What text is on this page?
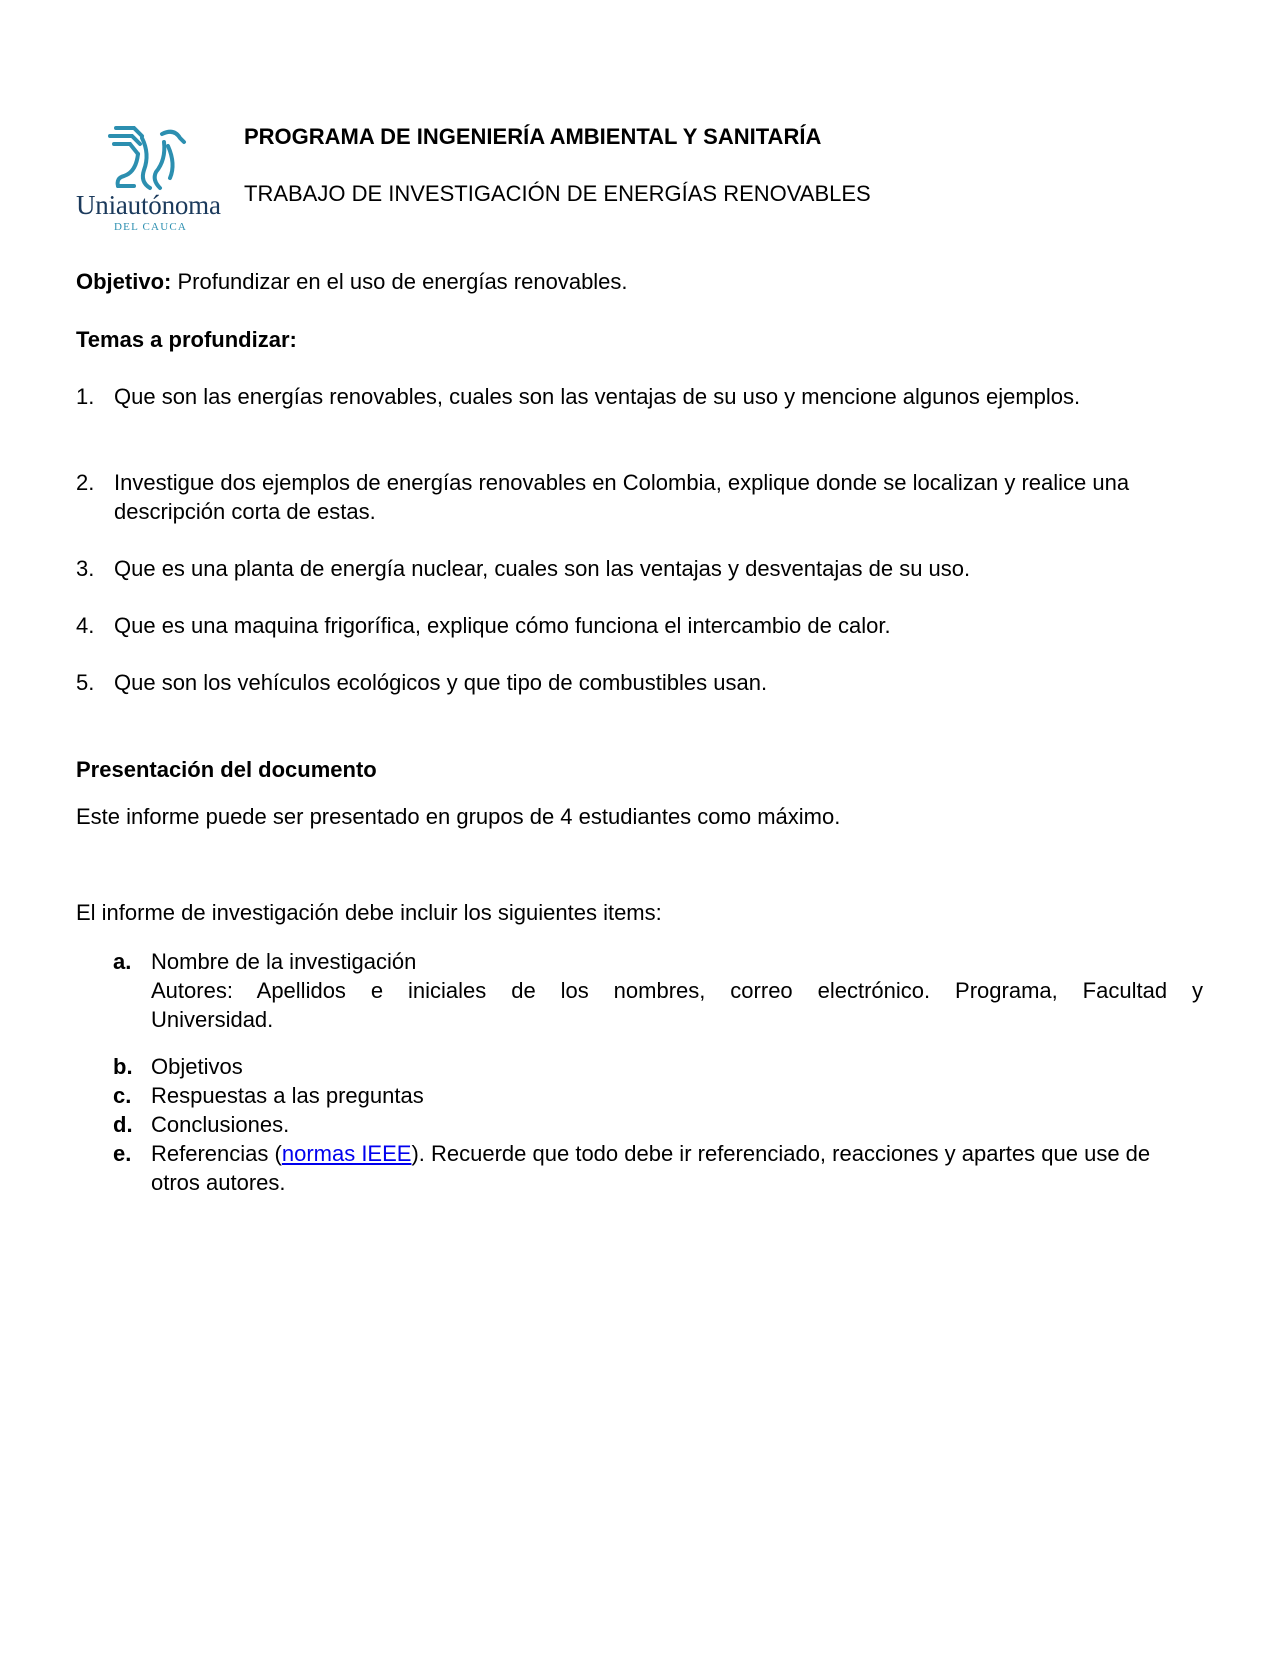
Uniautónoma
DEL CAUCA
PROGRAMA DE INGENIERÍA AMBIENTAL Y SANITARÍA
TRABAJO DE INVESTIGACIÓN DE ENERGÍAS RENOVABLES
Objetivo: Profundizar en el uso de energías renovables.
Temas a profundizar:
1. Que son las energías renovables, cuales son las ventajas de su uso y mencione algunos ejemplos.
2. Investigue dos ejemplos de energías renovables en Colombia, explique donde se localizan y realice una descripción corta de estas.
3. Que es una planta de energía nuclear, cuales son las ventajas y desventajas de su uso.
4. Que es una maquina frigorífica, explique cómo funciona el intercambio de calor.
5. Que son los vehículos ecológicos y que tipo de combustibles usan.
Presentación del documento
Este informe puede ser presentado en grupos de 4 estudiantes como máximo.
El informe de investigación debe incluir los siguientes items:
a. Nombre de la investigación
Autores: Apellidos e iniciales de los nombres, correo electrónico. Programa, Facultad y
Universidad.
b. Objetivos
c. Respuestas a las preguntas
d. Conclusiones.
e. Referencias (normas IEEE). Recuerde que todo debe ir referenciado, reacciones y apartes que use de otros autores.
